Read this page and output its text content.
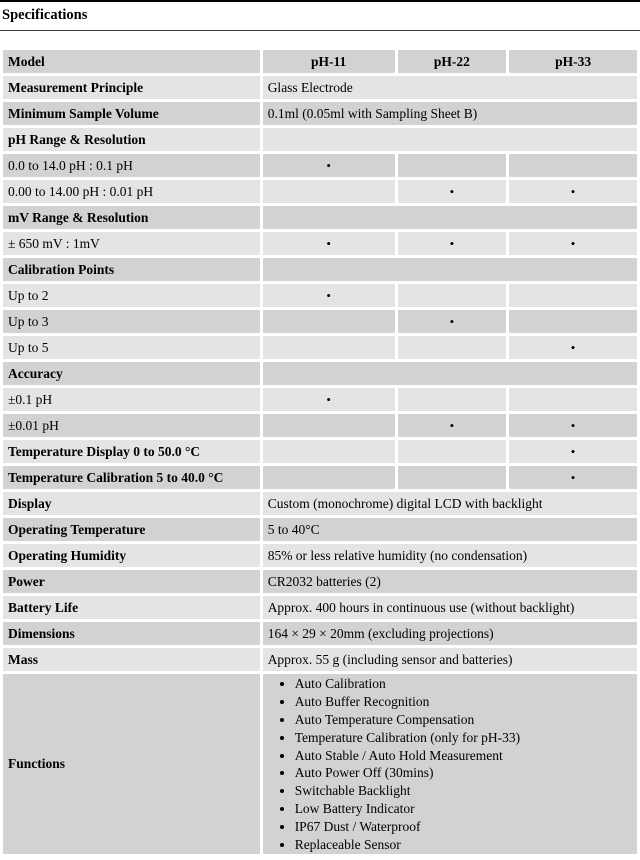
Specifications
Model	pH-11	pH-22	pH-33
Measurement Principle	Glass Electrode		
Minimum Sample Volume	0.1ml (0.05ml with Sampling Sheet B)		
pH Range & Resolution			
0.0 to 14.0 pH : 0.1 pH	•		
0.00 to 14.00 pH : 0.01 pH		•	•
mV Range & Resolution			
± 650 mV : 1mV	•	•	•
Calibration Points			
Up to 2	•		
Up to 3		•	
Up to 5			•
Accuracy			
±0.1 pH	•		
±0.01 pH		•	•
Temperature Display 0 to 50.0 °C			•
Temperature Calibration 5 to 40.0 °C			•
Display	Custom (monochrome) digital LCD with backlight		
Operating Temperature	5 to 40°C		
Operating Humidity	85% or less relative humidity (no condensation)		
Power	CR2032 batteries (2)		
Battery Life	Approx. 400 hours in continuous use (without backlight)		
Dimensions	164 × 29 × 20mm (excluding projections)		
Mass	Approx. 55 g (including sensor and batteries)		
Functions	
• Auto Calibration
• Auto Buffer Recognition
• Auto Temperature Compensation
• Temperature Calibration (only for pH-33)
• Auto Stable / Auto Hold Measurement
• Auto Power Off (30mins)
• Switchable Backlight
• Low Battery Indicator
• IP67 Dust / Waterproof
• Replaceable Sensor
